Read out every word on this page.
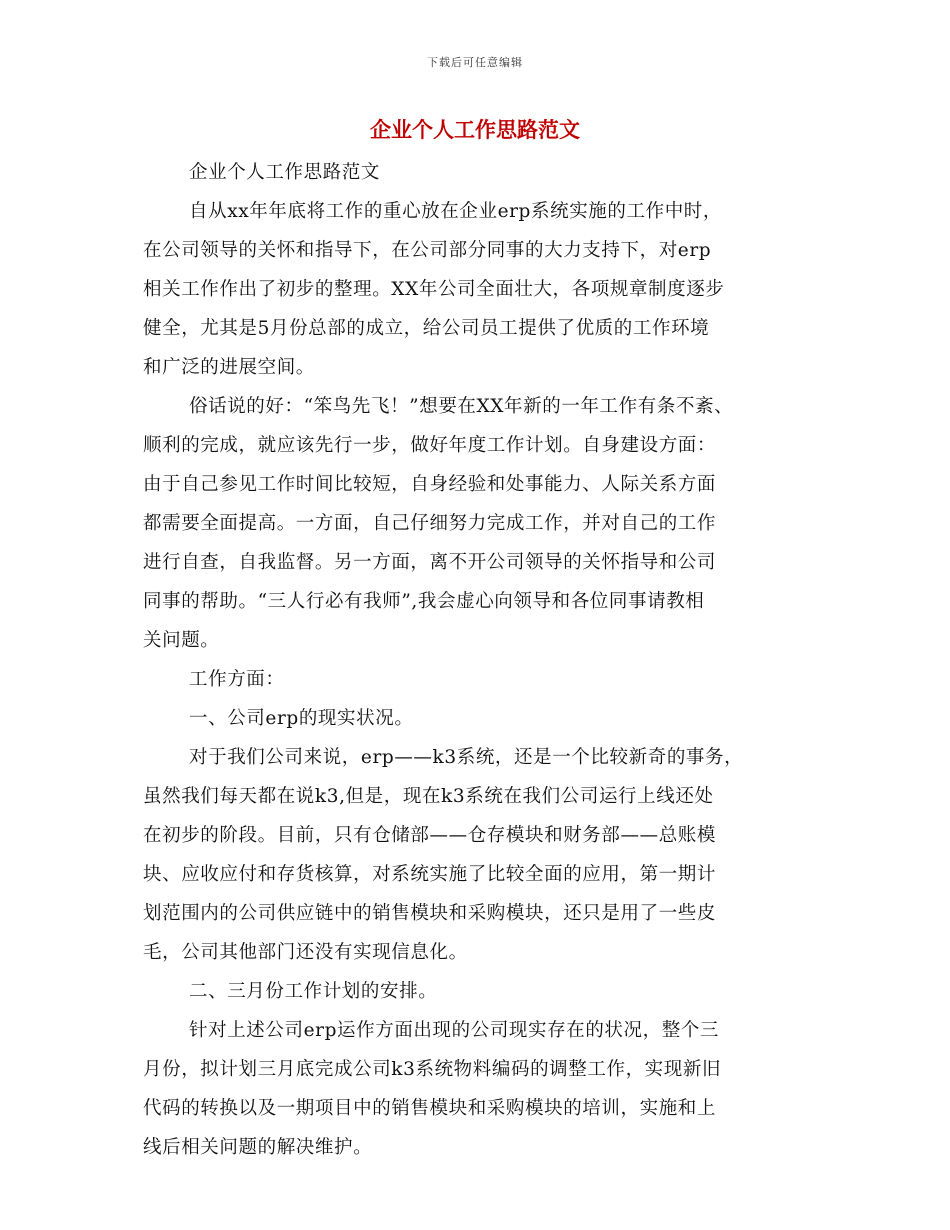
下载后可任意编辑
企业个人工作思路范文
企业个人工作思路范文
自从xx年年底将工作的重心放在企业erp系统实施的工作中时，
在公司领导的关怀和指导下，在公司部分同事的大力支持下，对erp
相关工作作出了初步的整理。XX年公司全面壮大，各项规章制度逐步
健全，尤其是5月份总部的成立，给公司员工提供了优质的工作环境
和广泛的进展空间。
俗话说的好：“笨鸟先飞！”想要在XX年新的一年工作有条不紊、
顺利的完成，就应该先行一步，做好年度工作计划。自身建设方面：
由于自己参见工作时间比较短，自身经验和处事能力、人际关系方面
都需要全面提高。一方面，自己仔细努力完成工作，并对自己的工作
进行自查，自我监督。另一方面，离不开公司领导的关怀指导和公司
同事的帮助。“三人行必有我师”,我会虚心向领导和各位同事请教相
关问题。
工作方面：
一、公司erp的现实状况。
对于我们公司来说，erp——k3系统，还是一个比较新奇的事务，
虽然我们每天都在说k3,但是，现在k3系统在我们公司运行上线还处
在初步的阶段。目前，只有仓储部——仓存模块和财务部——总账模
块、应收应付和存货核算，对系统实施了比较全面的应用，第一期计
划范围内的公司供应链中的销售模块和采购模块，还只是用了一些皮
毛，公司其他部门还没有实现信息化。
二、三月份工作计划的安排。
针对上述公司erp运作方面出现的公司现实存在的状况，整个三
月份，拟计划三月底完成公司k3系统物料编码的调整工作，实现新旧
代码的转换以及一期项目中的销售模块和采购模块的培训，实施和上
线后相关问题的解决维护。
